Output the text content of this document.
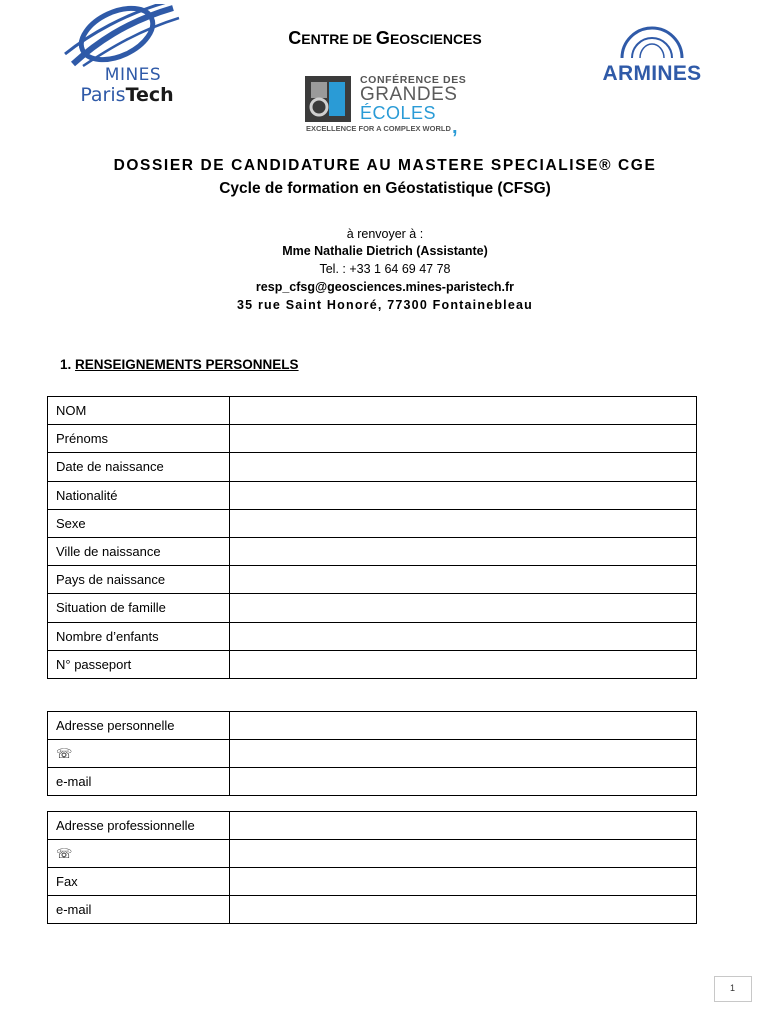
MINES
ParisTech
CENTRE DE GEOSCIENCES
CONFÉRENCE DES
GRANDES
ÉCOLES
EXCELLENCE FOR A COMPLEX WORLD ,
ARMINES
DOSSIER DE CANDIDATURE AU MASTERE SPECIALISE® CGE
Cycle de formation en Géostatistique (CFSG)
à renvoyer à :
Mme Nathalie Dietrich (Assistante)
Tel. : +33 1 64 69 47 78
resp_cfsg@geosciences.mines-paristech.fr
35 rue Saint Honoré, 77300 Fontainebleau
1. RENSEIGNEMENTS PERSONNELS
NOM	
Prénoms	
Date de naissance	
Nationalité	
Sexe	
Ville de naissance	
Pays de naissance	
Situation de famille	
Nombre d’enfants	
N° passeport	
Adresse personnelle	
☏	
e-mail	
Adresse professionnelle	
☏	
Fax	
e-mail	
1
